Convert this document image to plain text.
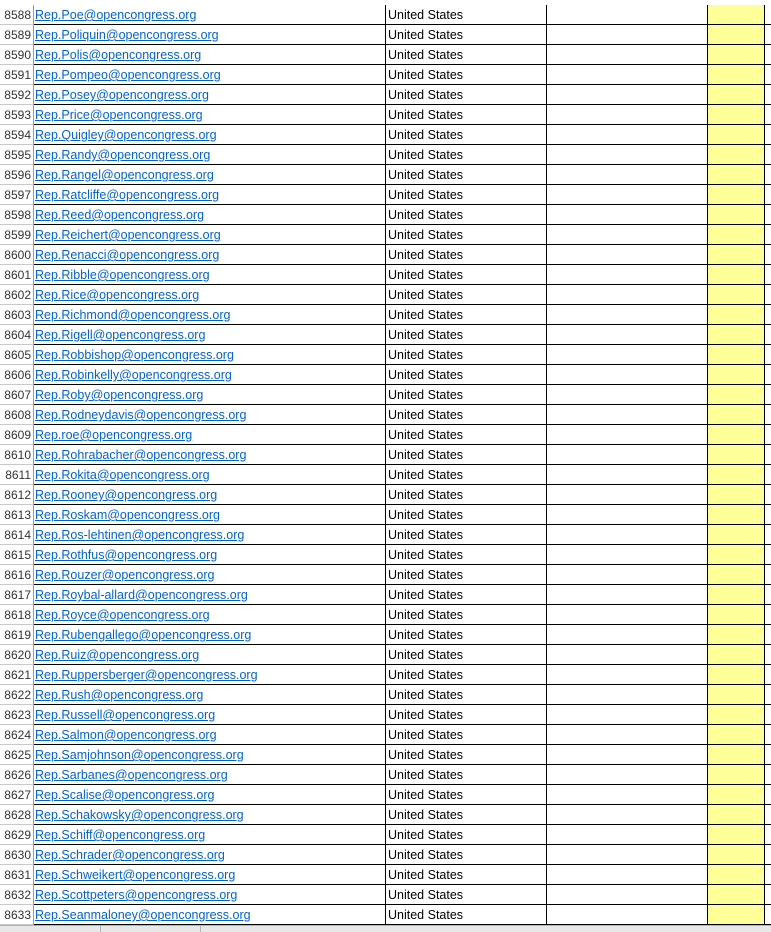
8588 Rep.Poe@opencongress.org	United States
8589 Rep.Poliquin@opencongress.org	United States
8590 Rep.Polis@opencongress.org	United States
8591 Rep.Pompeo@opencongress.org	United States
8592 Rep.Posey@opencongress.org	United States
8593 Rep.Price@opencongress.org	United States
8594 Rep.Quigley@opencongress.org	United States
8595 Rep.Randy@opencongress.org	United States
8596 Rep.Rangel@opencongress.org	United States
8597 Rep.Ratcliffe@opencongress.org	United States
8598 Rep.Reed@opencongress.org	United States
8599 Rep.Reichert@opencongress.org	United States
8600 Rep.Renacci@opencongress.org	United States
8601 Rep.Ribble@opencongress.org	United States
8602 Rep.Rice@opencongress.org	United States
8603 Rep.Richmond@opencongress.org	United States
8604 Rep.Rigell@opencongress.org	United States
8605 Rep.Robbishop@opencongress.org	United States
8606 Rep.Robinkelly@opencongress.org	United States
8607 Rep.Roby@opencongress.org	United States
8608 Rep.Rodneydavis@opencongress.org	United States
8609 Rep.roe@opencongress.org	United States
8610 Rep.Rohrabacher@opencongress.org	United States
8611 Rep.Rokita@opencongress.org	United States
8612 Rep.Rooney@opencongress.org	United States
8613 Rep.Roskam@opencongress.org	United States
8614 Rep.Ros-lehtinen@opencongress.org	United States
8615 Rep.Rothfus@opencongress.org	United States
8616 Rep.Rouzer@opencongress.org	United States
8617 Rep.Roybal-allard@opencongress.org	United States
8618 Rep.Royce@opencongress.org	United States
8619 Rep.Rubengallego@opencongress.org	United States
8620 Rep.Ruiz@opencongress.org	United States
8621 Rep.Ruppersberger@opencongress.org	United States
8622 Rep.Rush@opencongress.org	United States
8623 Rep.Russell@opencongress.org	United States
8624 Rep.Salmon@opencongress.org	United States
8625 Rep.Samjohnson@opencongress.org	United States
8626 Rep.Sarbanes@opencongress.org	United States
8627 Rep.Scalise@opencongress.org	United States
8628 Rep.Schakowsky@opencongress.org	United States
8629 Rep.Schiff@opencongress.org	United States
8630 Rep.Schrader@opencongress.org	United States
8631 Rep.Schweikert@opencongress.org	United States
8632 Rep.Scottpeters@opencongress.org	United States
8633 Rep.Seanmaloney@opencongress.org	United States
